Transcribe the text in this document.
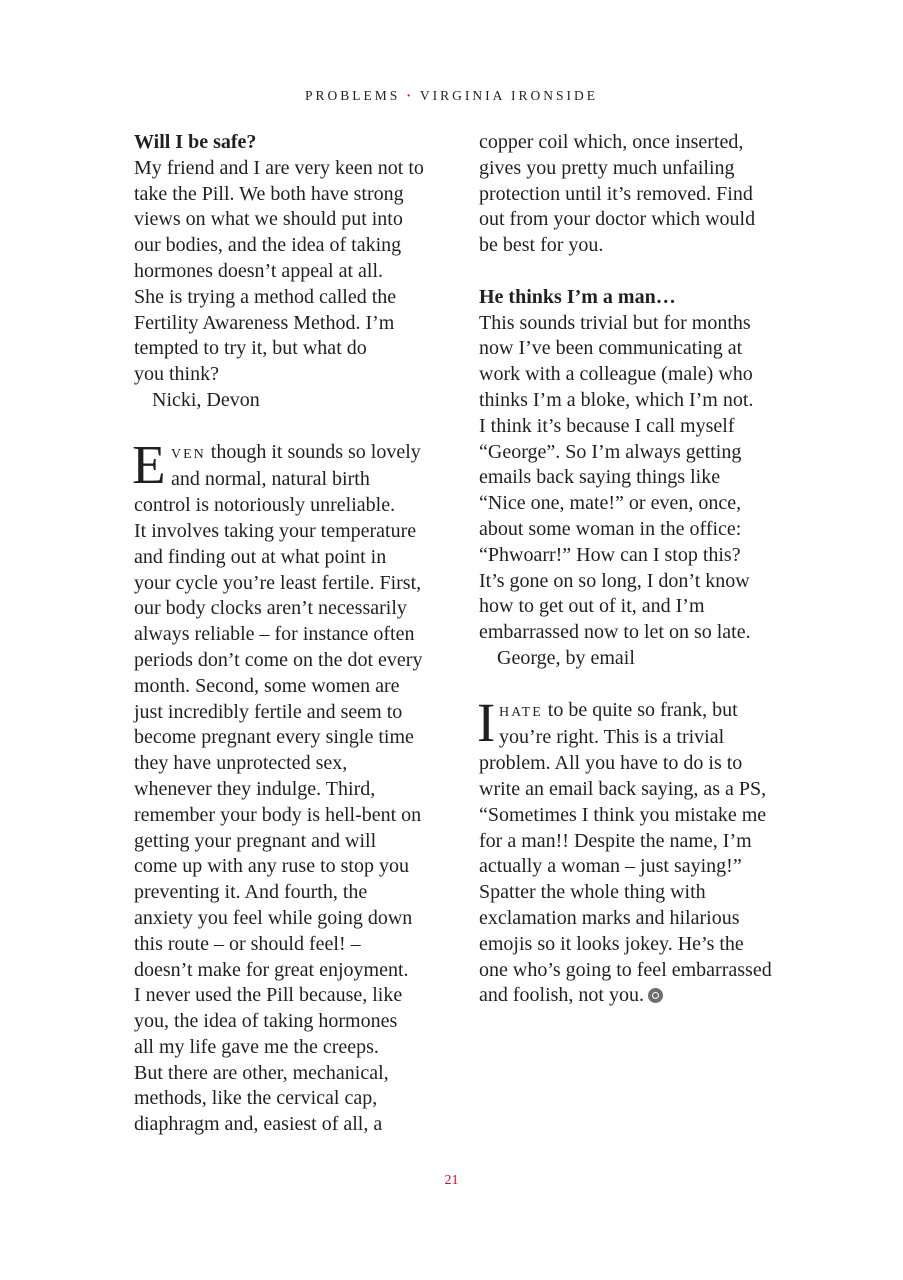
PROBLEMS · VIRGINIA IRONSIDE
Will I be safe?
My friend and I are very keen not to
take the Pill. We both have strong
views on what we should put into
our bodies, and the idea of taking
hormones doesn’t appeal at all.
She is trying a method called the
Fertility Awareness Method. I’m
tempted to try it, but what do
you think?
Nicki, Devon
E VEN though it sounds so lovely
and normal, natural birth
control is notoriously unreliable.
It involves taking your temperature
and finding out at what point in
your cycle you’re least fertile. First,
our body clocks aren’t necessarily
always reliable – for instance often
periods don’t come on the dot every
month. Second, some women are
just incredibly fertile and seem to
become pregnant every single time
they have unprotected sex,
whenever they indulge. Third,
remember your body is hell-bent on
getting your pregnant and will
come up with any ruse to stop you
preventing it. And fourth, the
anxiety you feel while going down
this route – or should feel! –
doesn’t make for great enjoyment.
I never used the Pill because, like
you, the idea of taking hormones
all my life gave me the creeps.
But there are other, mechanical,
methods, like the cervical cap,
diaphragm and, easiest of all, a
copper coil which, once inserted,
gives you pretty much unfailing
protection until it’s removed. Find
out from your doctor which would
be best for you.
He thinks I’m a man…
This sounds trivial but for months
now I’ve been communicating at
work with a colleague (male) who
thinks I’m a bloke, which I’m not.
I think it’s because I call myself
“George”. So I’m always getting
emails back saying things like
“Nice one, mate!” or even, once,
about some woman in the office:
“Phwoarr!” How can I stop this?
It’s gone on so long, I don’t know
how to get out of it, and I’m
embarrassed now to let on so late.
George, by email
I HATE to be quite so frank, but
you’re right. This is a trivial
problem. All you have to do is to
write an email back saying, as a PS,
“Sometimes I think you mistake me
for a man!! Despite the name, I’m
actually a woman – just saying!”
Spatter the whole thing with
exclamation marks and hilarious
emojis so it looks jokey. He’s the
one who’s going to feel embarrassed
and foolish, not you.
21
